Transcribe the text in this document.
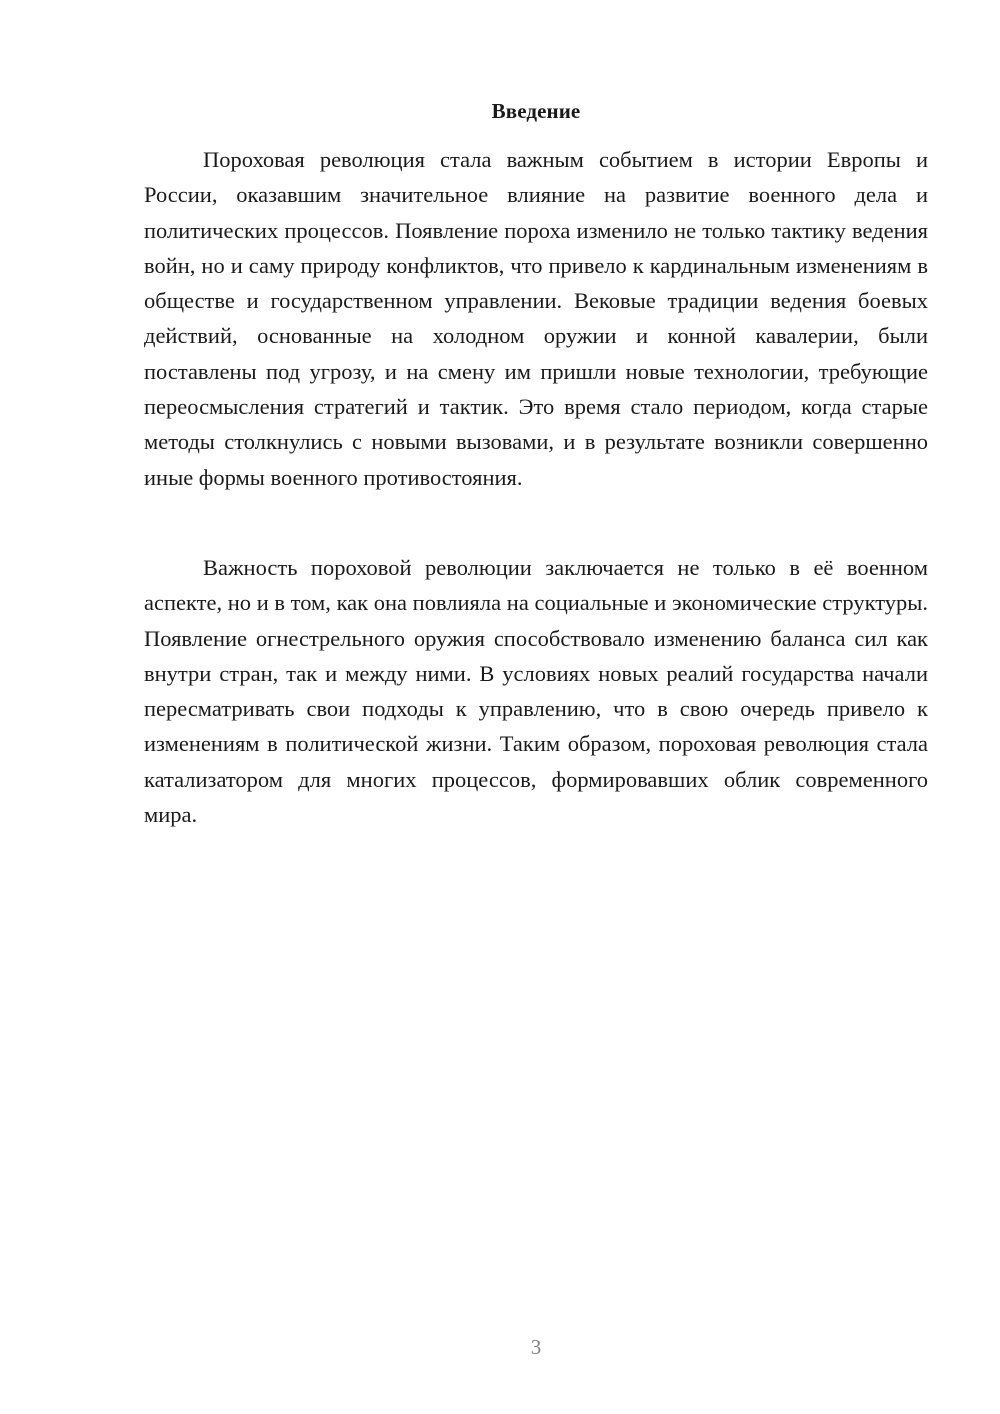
Введение

Пороховая революция стала важным событием в истории Европы и России, оказавшим значительное влияние на развитие военного дела и политических процессов. Появление пороха изменило не только тактику ведения войн, но и саму природу конфликтов, что привело к кардинальным изменениям в обществе и государственном управлении. Вековые традиции ведения боевых действий, основанные на холодном оружии и конной кавалерии, были поставлены под угрозу, и на смену им пришли новые технологии, требующие переосмысления стратегий и тактик. Это время стало периодом, когда старые методы столкнулись с новыми вызовами, и в результате возникли совершенно иные формы военного противостояния.

Важность пороховой революции заключается не только в её военном аспекте, но и в том, как она повлияла на социальные и экономические структуры. Появление огнестрельного оружия способствовало изменению баланса сил как внутри стран, так и между ними. В условиях новых реалий государства начали пересматривать свои подходы к управлению, что в свою очередь привело к изменениям в политической жизни. Таким образом, пороховая революция стала катализатором для многих процессов, формировавших облик современного мира.

3
